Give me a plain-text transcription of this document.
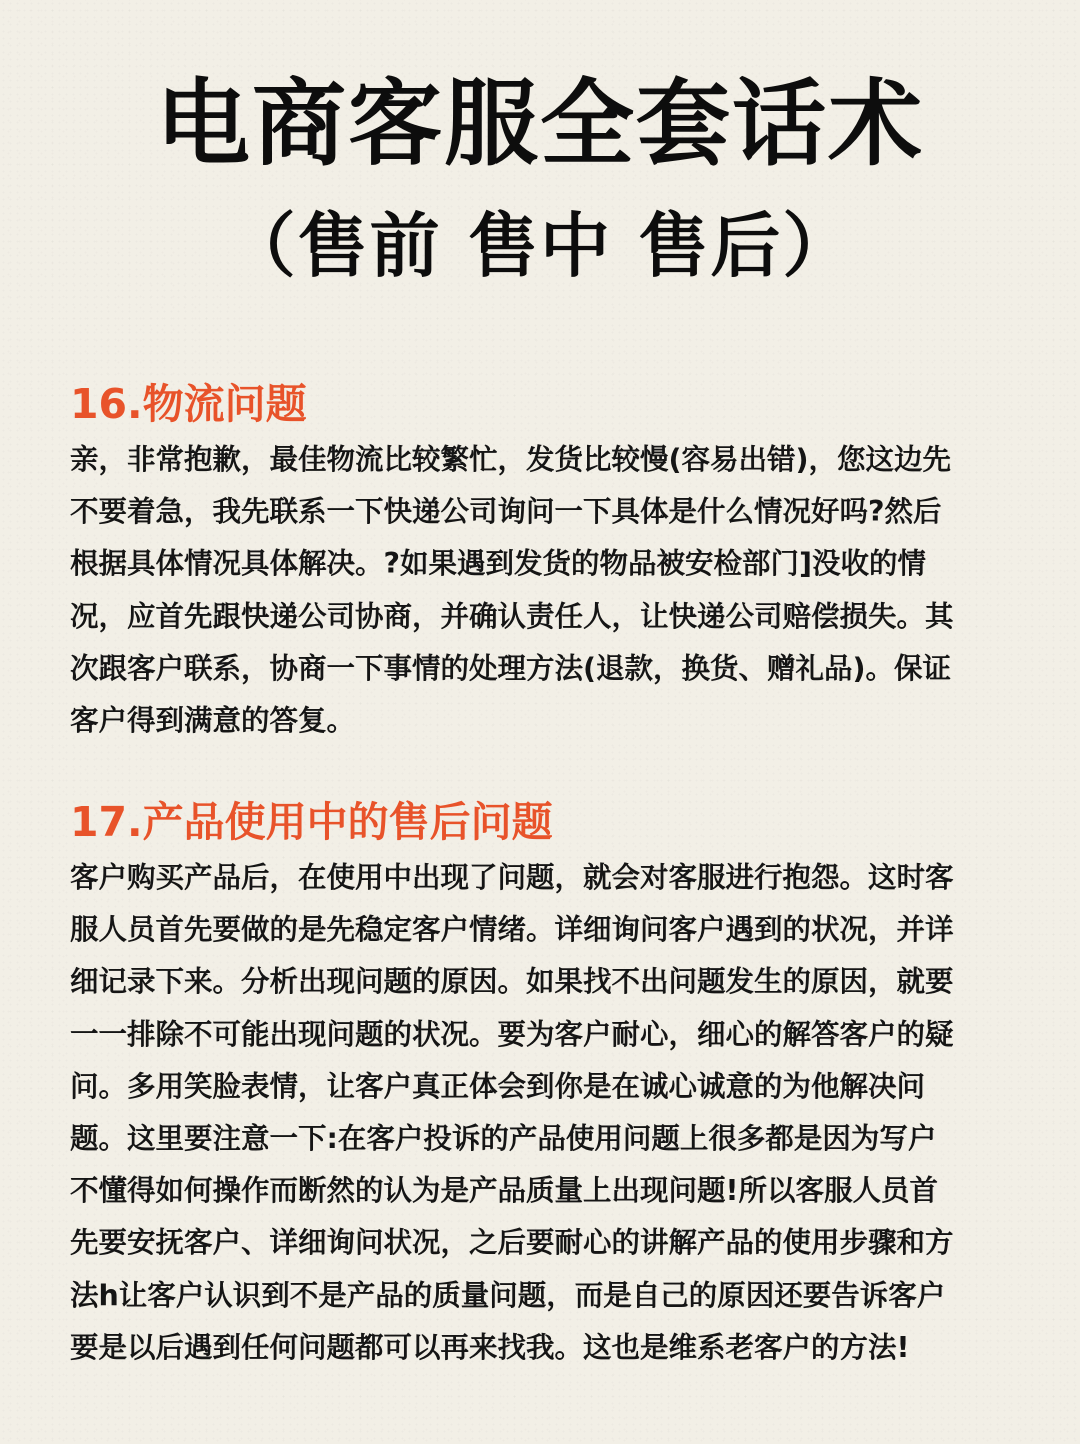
电商客服全套话术
（售前 售中 售后）
16.物流问题
亲，非常抱歉，最佳物流比较繁忙，发货比较慢(容易出错)，您这边先
不要着急，我先联系一下快递公司询问一下具体是什么情况好吗?然后
根据具体情况具体解决。?如果遇到发货的物品被安检部门]没收的情
况，应首先跟快递公司协商，并确认责任人，让快递公司赔偿损失。其
次跟客户联系，协商一下事情的处理方法(退款，换货、赠礼品)。保证
客户得到满意的答复。
17.产品使用中的售后问题
客户购买产品后，在使用中出现了问题，就会对客服进行抱怨。这时客
服人员首先要做的是先稳定客户情绪。详细询问客户遇到的状况，并详
细记录下来。分析出现问题的原因。如果找不出问题发生的原因，就要
一一排除不可能出现问题的状况。要为客户耐心，细心的解答客户的疑
问。多用笑脸表情，让客户真正体会到你是在诚心诚意的为他解决问
题。这里要注意一下:在客户投诉的产品使用问题上很多都是因为写户
不懂得如何操作而断然的认为是产品质量上出现问题!所以客服人员首
先要安抚客户、详细询问状况，之后要耐心的讲解产品的使用步骤和方
法h让客户认识到不是产品的质量问题，而是自己的原因还要告诉客户
要是以后遇到任何问题都可以再来找我。这也是维系老客户的方法!
